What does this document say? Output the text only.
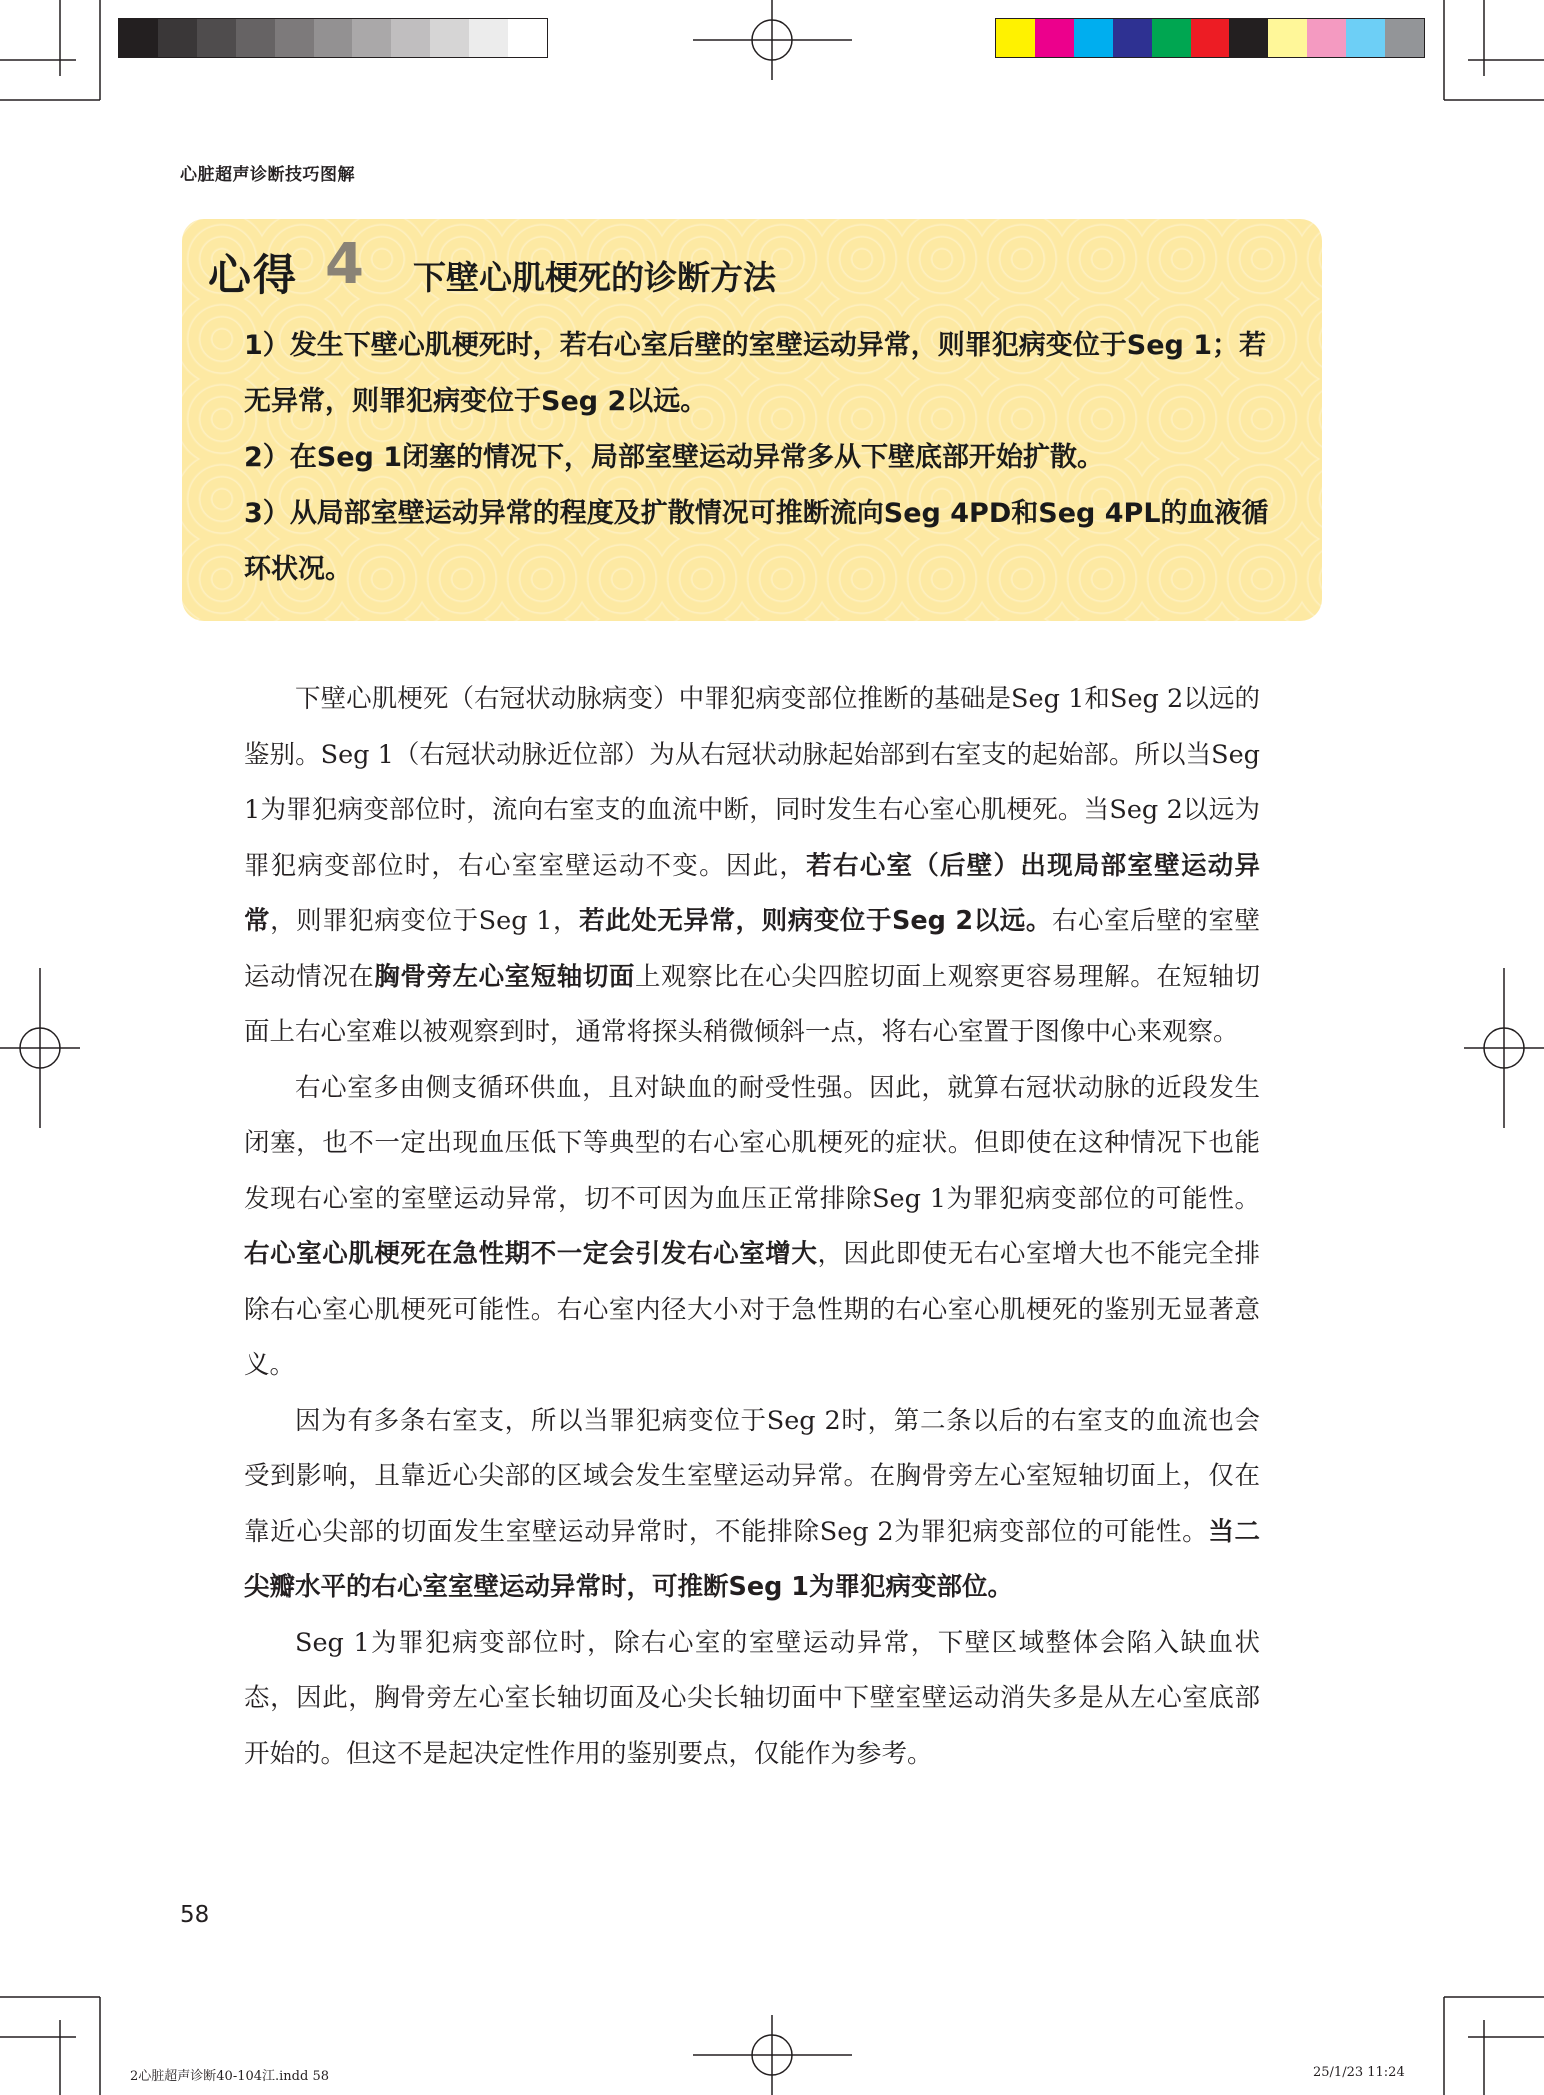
心脏超声诊断技巧图解
心得 4 下壁心肌梗死的诊断方法

1）发生下壁心肌梗死时，若右心室后壁的室壁运动异常，则罪犯病变位于Seg 1；若无异常，则罪犯病变位于Seg 2以远。

2）在Seg 1闭塞的情况下，局部室壁运动异常多从下壁底部开始扩散。

3）从局部室壁运动异常的程度及扩散情况可推断流向Seg 4PD和Seg 4PL的血液循环状况。

下壁心肌梗死（右冠状动脉病变）中罪犯病变部位推断的基础是Seg 1和Seg 2以远的鉴别。Seg 1（右冠状动脉近位部）为从右冠状动脉起始部到右室支的起始部。所以当Seg 1为罪犯病变部位时，流向右室支的血流中断，同时发生右心室心肌梗死。当Seg 2以远为罪犯病变部位时，右心室室壁运动不变。因此，若右心室（后壁）出现局部室壁运动异常，则罪犯病变位于Seg 1，若此处无异常，则病变位于Seg 2以远。右心室后壁的室壁运动情况在胸骨旁左心室短轴切面上观察比在心尖四腔切面上观察更容易理解。在短轴切面上右心室难以被观察到时，通常将探头稍微倾斜一点，将右心室置于图像中心来观察。

右心室多由侧支循环供血，且对缺血的耐受性强。因此，就算右冠状动脉的近段发生闭塞，也不一定出现血压低下等典型的右心室心肌梗死的症状。但即使在这种情况下也能发现右心室的室壁运动异常，切不可因为血压正常排除Seg 1为罪犯病变部位的可能性。右心室心肌梗死在急性期不一定会引发右心室增大，因此即使无右心室增大也不能完全排除右心室心肌梗死可能性。右心室内径大小对于急性期的右心室心肌梗死的鉴别无显著意义。

因为有多条右室支，所以当罪犯病变位于Seg 2时，第二条以后的右室支的血流也会受到影响，且靠近心尖部的区域会发生室壁运动异常。在胸骨旁左心室短轴切面上，仅在靠近心尖部的切面发生室壁运动异常时，不能排除Seg 2为罪犯病变部位的可能性。当二尖瓣水平的右心室室壁运动异常时，可推断Seg 1为罪犯病变部位。

Seg 1为罪犯病变部位时，除右心室的室壁运动异常，下壁区域整体会陷入缺血状态，因此，胸骨旁左心室长轴切面及心尖长轴切面中下壁室壁运动消失多是从左心室底部开始的。但这不是起决定性作用的鉴别要点，仅能作为参考。

58
2心脏超声诊断40-104江.indd 58	25/1/23 11:24
